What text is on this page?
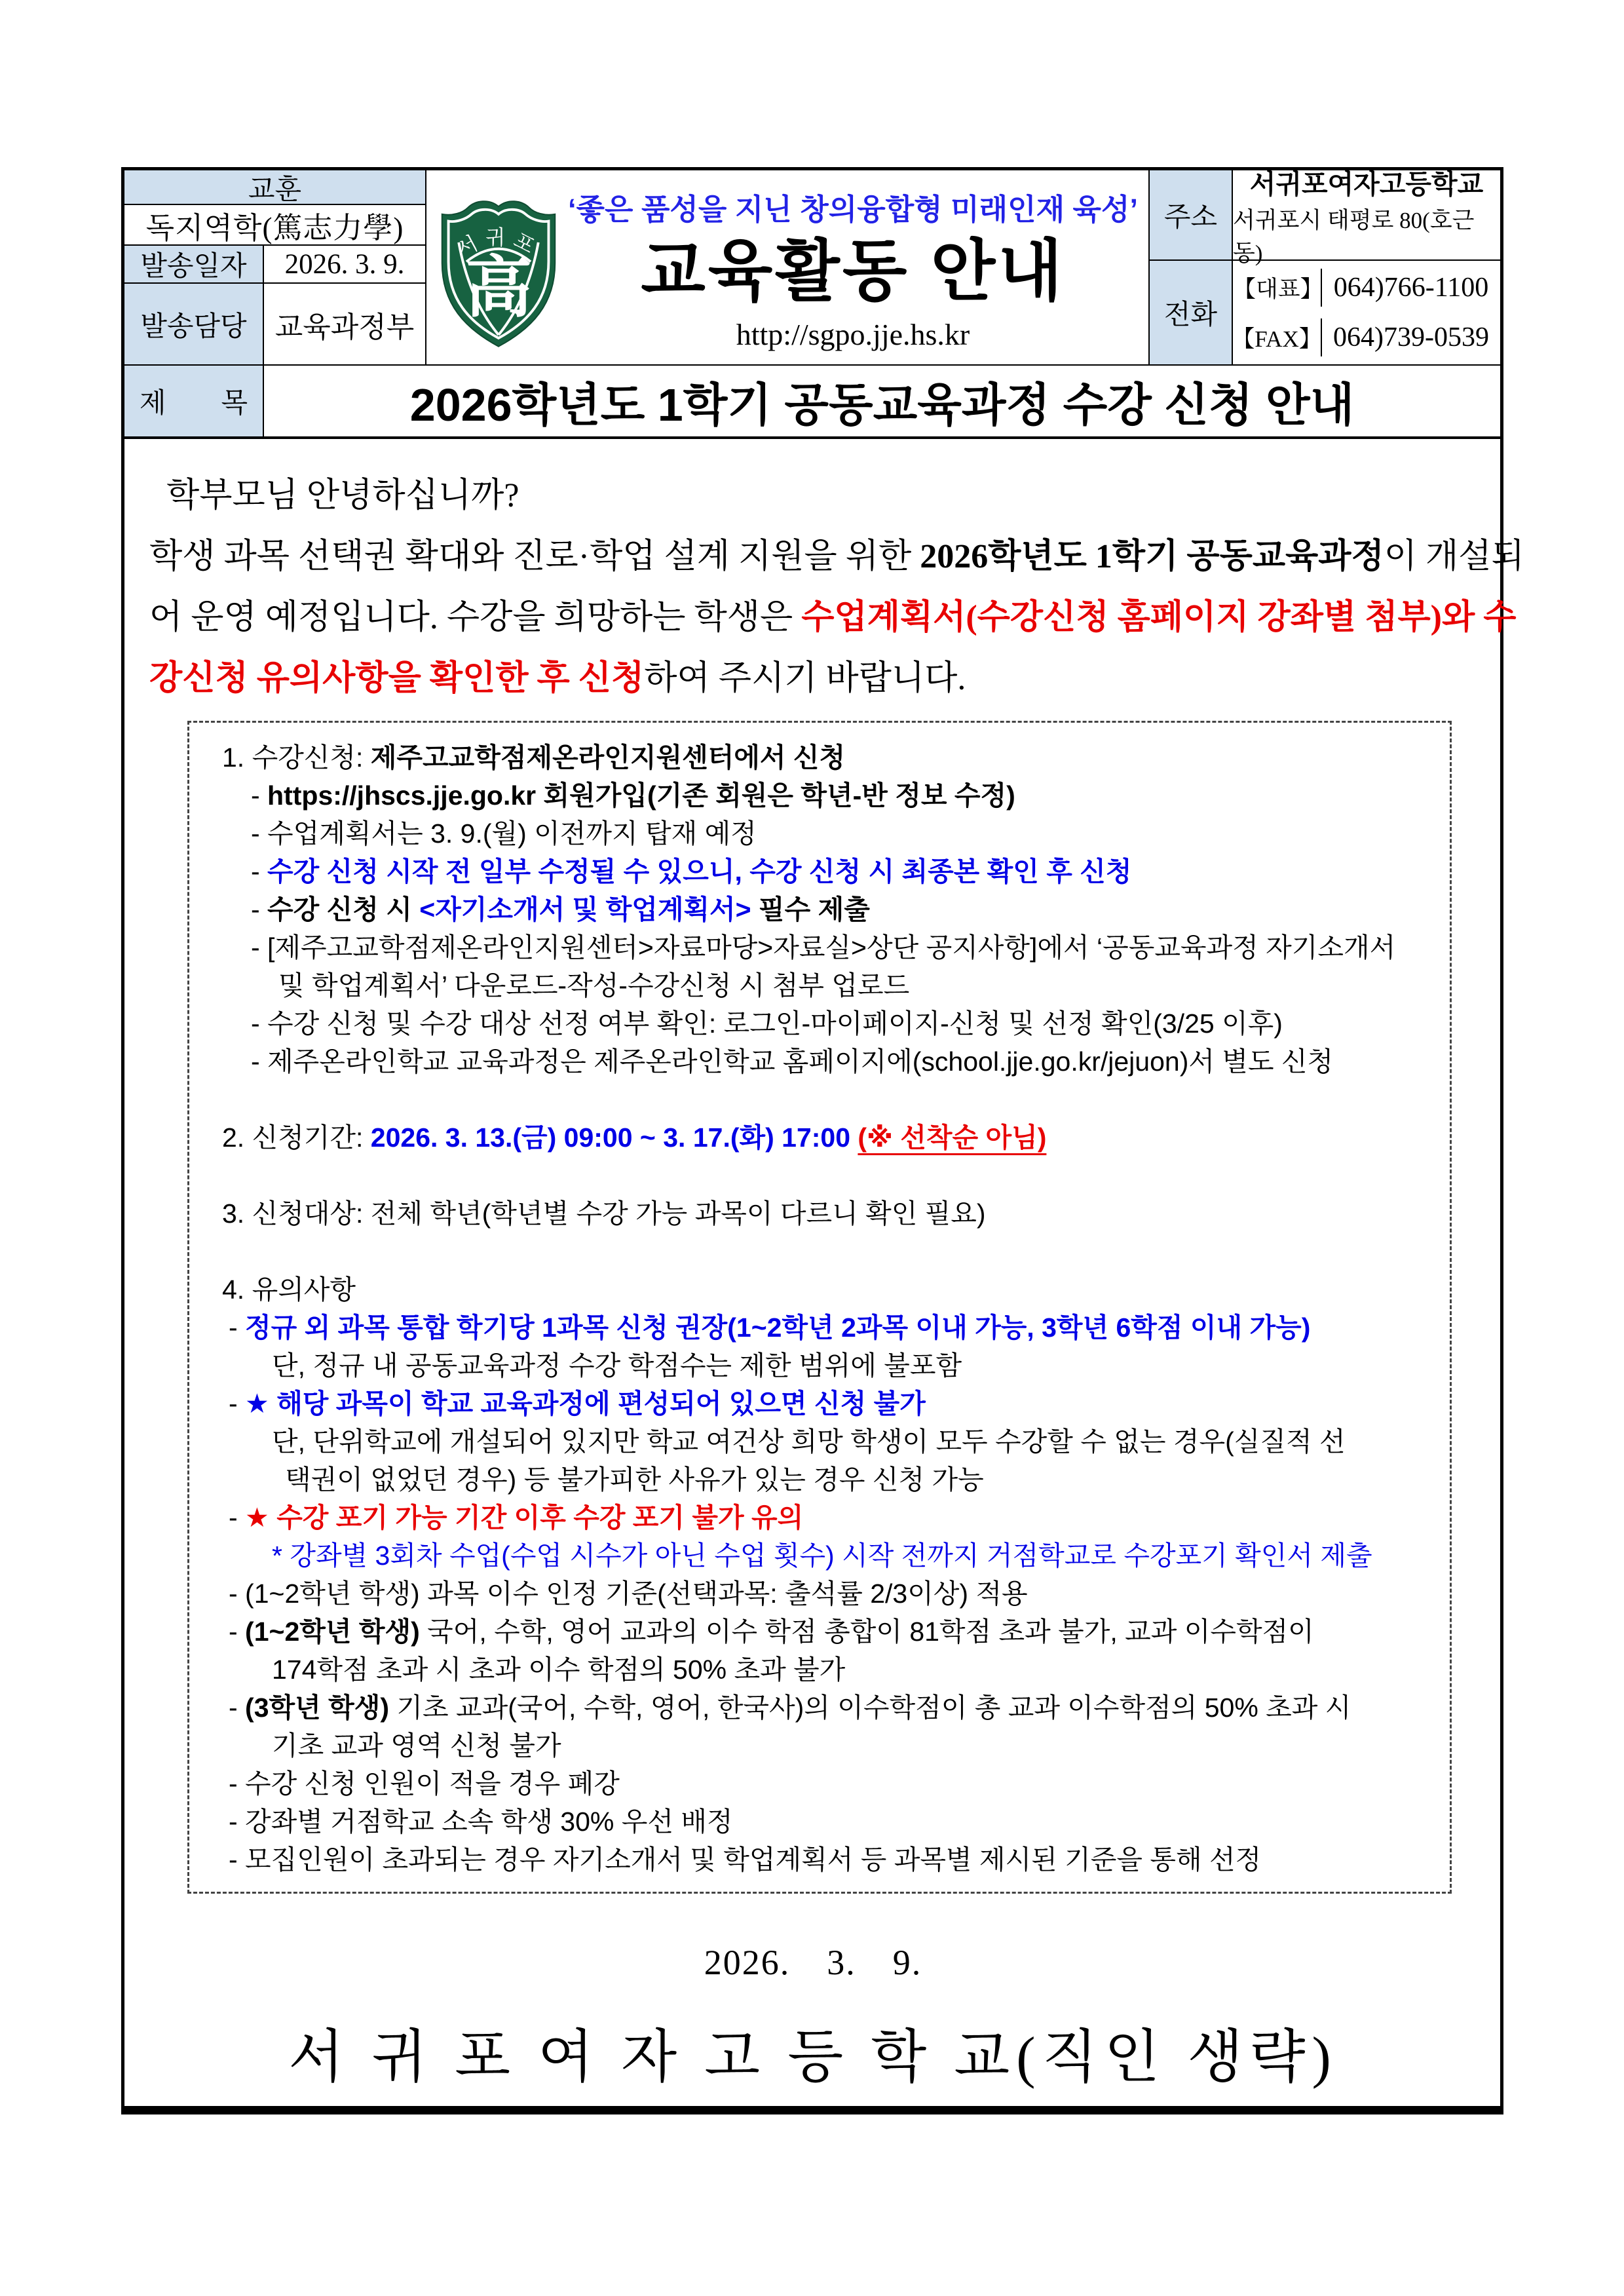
교훈
독지역학(篤志力學)
발송일자	2026. 3. 9.
발송담당 교육과정부
서귀포
高
‘좋은 품성을 지닌 창의융합형 미래인재 육성’
교육활동 안내
http://sgpo.jje.hs.kr
주소
서귀포여자고등학교
서귀포시 태평로 80(호근동)
전화
【대표】 064)766-1100
【FAX】 064)739-0539
제　　목	2026학년도 1학기 공동교육과정 수강 신청 안내
학부모님 안녕하십니까?
학생 과목 선택권 확대와 진로·학업 설계 지원을 위한 2026학년도 1학기 공동교육과정이 개설되
어 운영 예정입니다. 수강을 희망하는 학생은 수업계획서(수강신청 홈페이지 강좌별 첨부)와 수
강신청 유의사항을 확인한 후 신청하여 주시기 바랍니다.
1. 수강신청: 제주고교학점제온라인지원센터에서 신청
- https://jhscs.jje.go.kr 회원가입(기존 회원은 학년-반 정보 수정)
- 수업계획서는 3. 9.(월) 이전까지 탑재 예정
- 수강 신청 시작 전 일부 수정될 수 있으니, 수강 신청 시 최종본 확인 후 신청
- 수강 신청 시 <자기소개서 및 학업계획서> 필수 제출
- [제주고교학점제온라인지원센터>자료마당>자료실>상단 공지사항]에서 ‘공동교육과정 자기소개서
및 학업계획서’ 다운로드-작성-수강신청 시 첨부 업로드
- 수강 신청 및 수강 대상 선정 여부 확인: 로그인-마이페이지-신청 및 선정 확인(3/25 이후)
- 제주온라인학교 교육과정은 제주온라인학교 홈페이지에(school.jje.go.kr/jejuon)서 별도 신청
2. 신청기간: 2026. 3. 13.(금) 09:00 ~ 3. 17.(화) 17:00 (※ 선착순 아님)
3. 신청대상: 전체 학년(학년별 수강 가능 과목이 다르니 확인 필요)
4. 유의사항
- 정규 외 과목 통합 학기당 1과목 신청 권장(1~2학년 2과목 이내 가능, 3학년 6학점 이내 가능)
단, 정규 내 공동교육과정 수강 학점수는 제한 범위에 불포함
- ★ 해당 과목이 학교 교육과정에 편성되어 있으면 신청 불가
단, 단위학교에 개설되어 있지만 학교 여건상 희망 학생이 모두 수강할 수 없는 경우(실질적 선
택권이 없었던 경우) 등 불가피한 사유가 있는 경우 신청 가능
- ★ 수강 포기 가능 기간 이후 수강 포기 불가 유의
* 강좌별 3회차 수업(수업 시수가 아닌 수업 횟수) 시작 전까지 거점학교로 수강포기 확인서 제출
- (1~2학년 학생) 과목 이수 인정 기준(선택과목: 출석률 2/3이상) 적용
- (1~2학년 학생) 국어, 수학, 영어 교과의 이수 학점 총합이 81학점 초과 불가, 교과 이수학점이
174학점 초과 시 초과 이수 학점의 50% 초과 불가
- (3학년 학생) 기초 교과(국어, 수학, 영어, 한국사)의 이수학점이 총 교과 이수학점의 50% 초과 시
기초 교과 영역 신청 불가
- 수강 신청 인원이 적을 경우 폐강
- 강좌별 거점학교 소속 학생 30% 우선 배정
- 모집인원이 초과되는 경우 자기소개서 및 학업계획서 등 과목별 제시된 기준을 통해 선정
2026.　3.　9.
서 귀 포 여 자 고 등 학 교(직인 생략)
